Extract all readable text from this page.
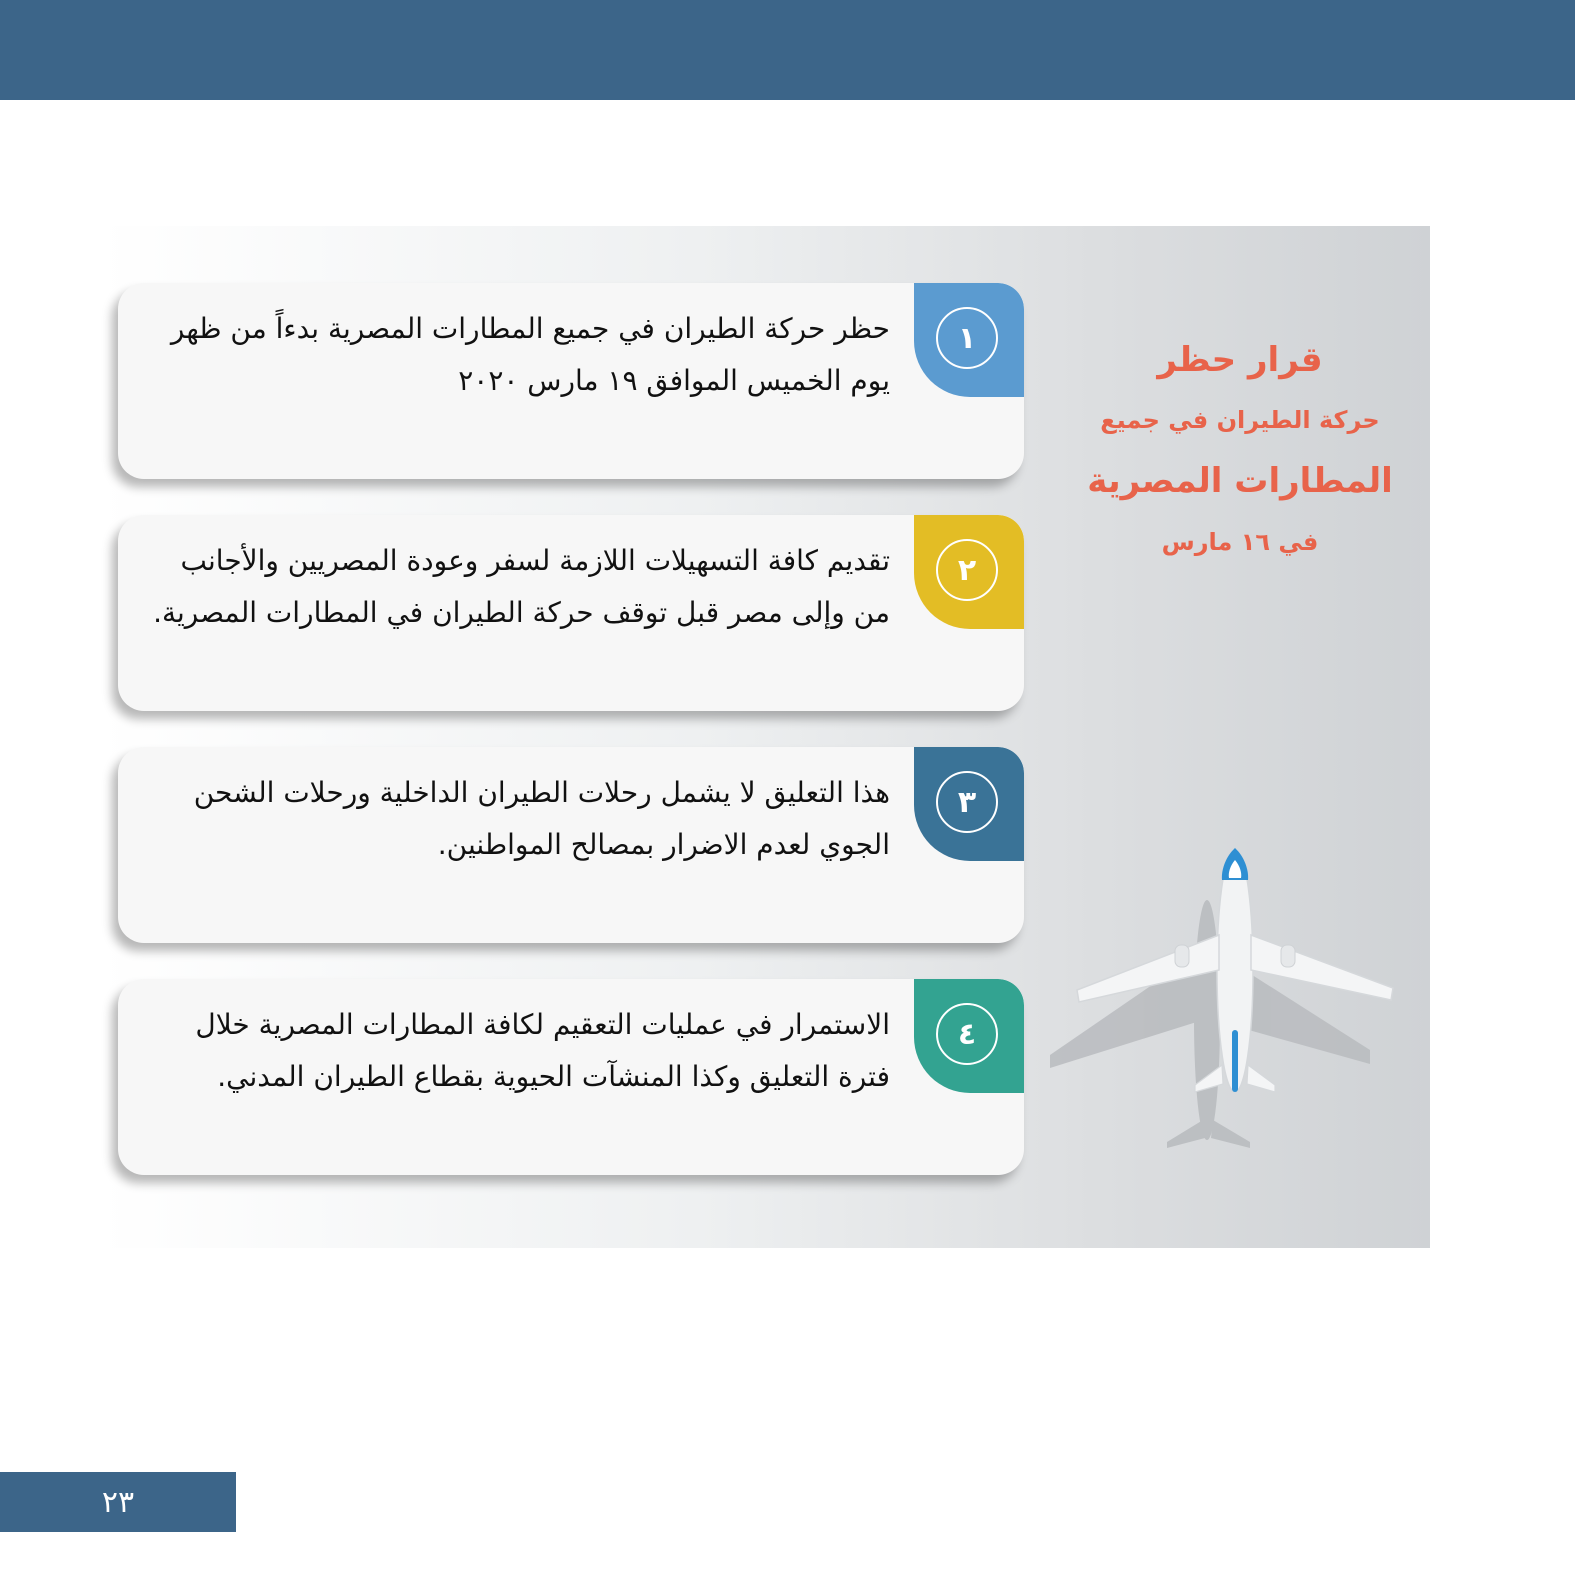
قرار حظر
حركة الطيران في جميع
المطارات المصرية
في ١٦ مارس
حظر حركة الطيران في جميع المطارات المصرية بدءاً من ظهر يوم الخميس الموافق ١٩ مارس ٢٠٢٠
١
تقديم كافة التسهيلات اللازمة لسفر وعودة المصريين والأجانب من وإلى مصر قبل توقف حركة الطيران في المطارات المصرية.
٢
هذا التعليق لا يشمل رحلات الطيران الداخلية ورحلات الشحن الجوي لعدم الاضرار بمصالح المواطنين.
٣
الاستمرار في عمليات التعقيم لكافة المطارات المصرية خلال فترة التعليق وكذا المنشآت الحيوية بقطاع الطيران المدني.
٤
٢٣
